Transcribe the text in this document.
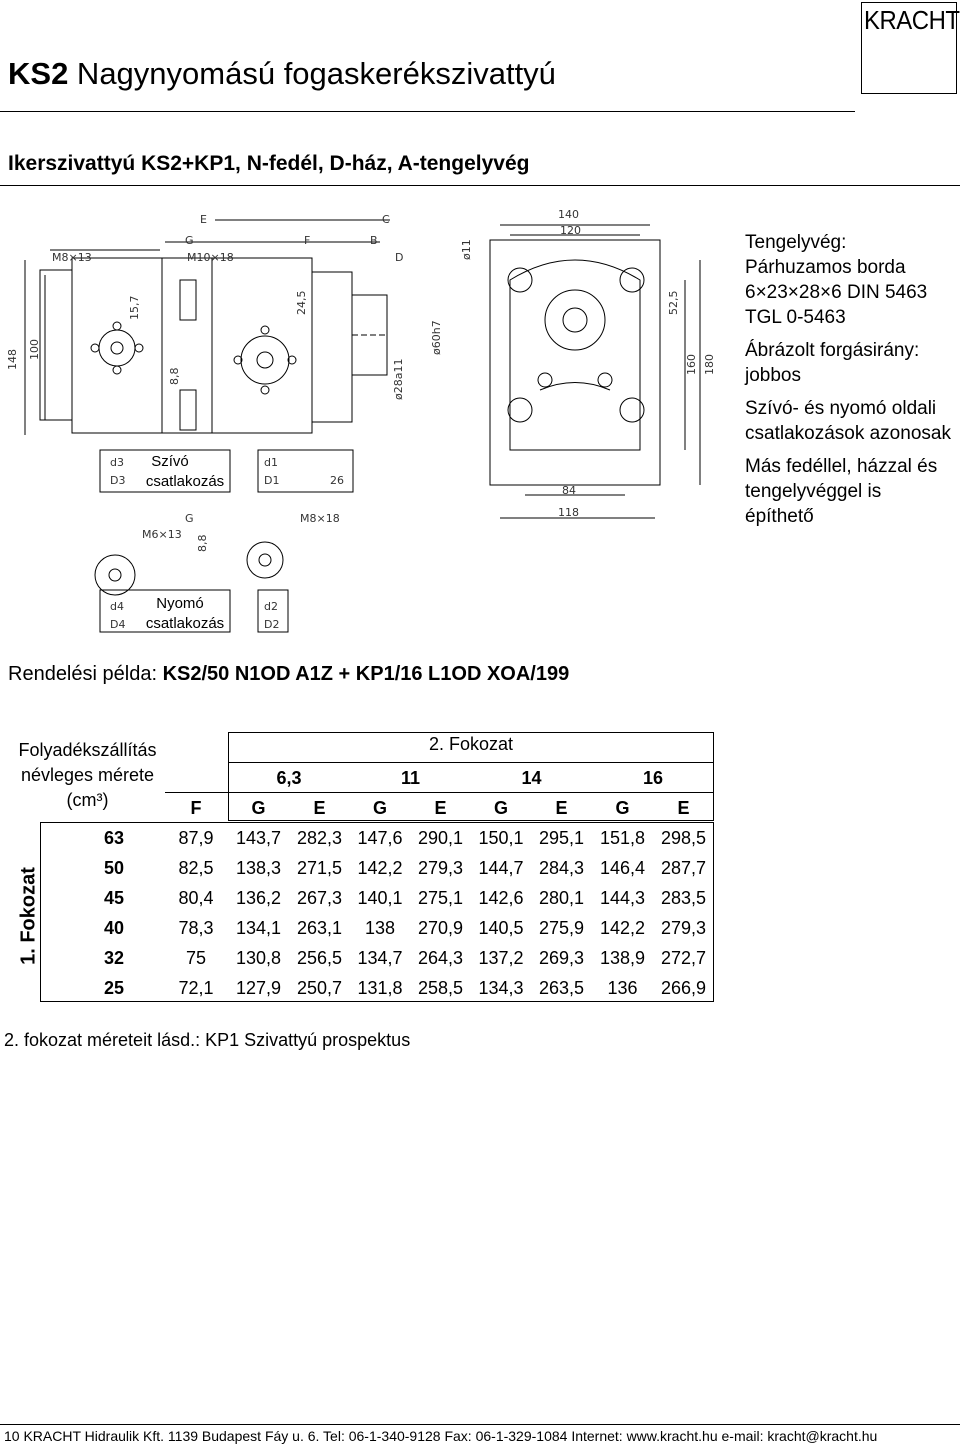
KRACHT
KS2 Nagynyomású fogaskerékszivattyú
Ikerszivattyú KS2+KP1, N-fedél, D-ház, A-tengelyvég
E
G
M10×18
F
C
B
D
M8×13	ø11
ø28a11
ø60h7
148 100
15,7
8,8
24,5
140
120
52,5
160 180
26
84
118
M8×18
G
M6×13 8,8
d3
D3
d1
D1
d4
D4
d2
D2
Szívó
csatlakozás
Nyomó
csatlakozás

Tengelyvég: Párhuzamos borda 6×23×28×6 DIN 5463 TGL 0-5463

Ábrázolt forgásirány: jobbos

Szívó- és nyomó oldali csatlakozások azonosak

Más fedéllel, házzal és tengelyvéggel is építhető

Rendelési példa: KS2/50 N1OD A1Z + KP1/16 L1OD XOA/199
Folyadékszállítás
névleges mérete
(cm³)
2. Fokozat
6,3	11	14	16
F	G	E	G	E	G	E	G	E
1. Fokozat
63	87,9	143,7 282,3 147,6 290,1 150,1 295,1 151,8 298,5
50	82,5	138,3 271,5 142,2 279,3 144,7 284,3 146,4 287,7
45	80,4	136,2 267,3 140,1 275,1 142,6 280,1 144,3 283,5
40	78,3	134,1 263,1	138	270,9 140,5 275,9 142,2 279,3
32	75	130,8 256,5 134,7 264,3 137,2 269,3 138,9 272,7
25	72,1	127,9 250,7 131,8 258,5 134,3 263,5	136	266,9
2. fokozat méreteit lásd.: KP1 Szivattyú prospektus
10 KRACHT Hidraulik Kft. 1139 Budapest Fáy u. 6. Tel: 06-1-340-9128 Fax: 06-1-329-1084 Internet: www.kracht.hu e-mail: kracht@kracht.hu
